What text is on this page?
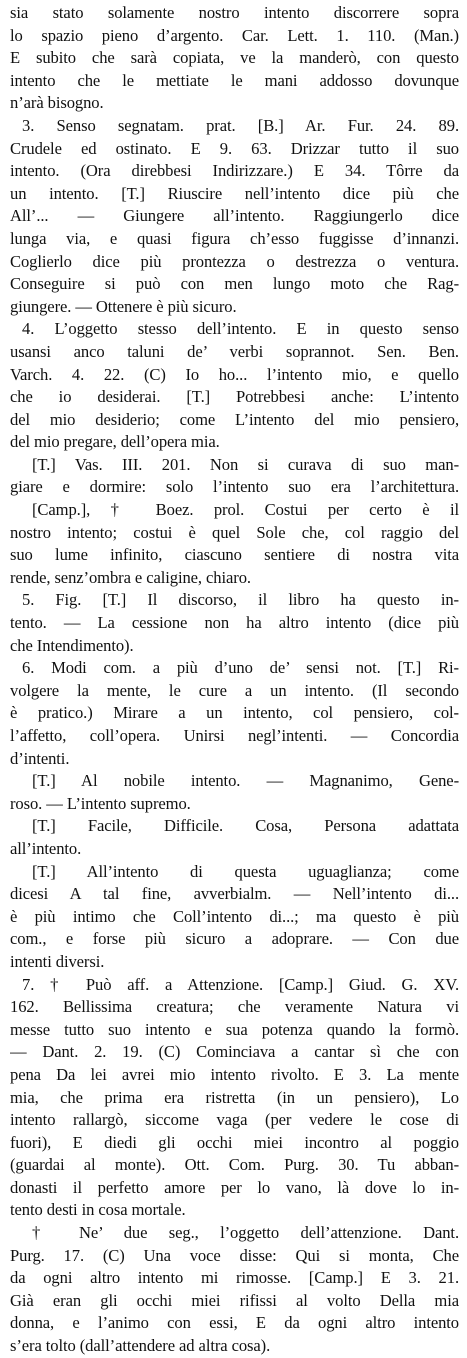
sia stato solamente nostro intento discorrere sopra
lo spazio pieno d’argento. Car. Lett. 1. 110. (Man.)
E subito che sarà copiata, ve la manderò, con questo
intento che le mettiate le mani addosso dovunque
n’arà bisogno.
3. Senso segnatam. prat. [B.] Ar. Fur. 24. 89.
Crudele ed ostinato. E 9. 63. Drizzar tutto il suo
intento. (Ora direbbesi Indirizzare.) E 34. Tôrre da
un intento. [T.] Riuscire nell’intento dice più che
All’... — Giungere all’intento. Raggiungerlo dice
lunga via, e quasi figura ch’esso fuggisse d’innanzi.
Coglierlo dice più prontezza o destrezza o ventura.
Conseguire si può con men lungo moto che Rag-
giungere. — Ottenere è più sicuro.
4. L’oggetto stesso dell’intento. E in questo senso
usansi anco taluni de’ verbi soprannot. Sen. Ben.
Varch. 4. 22. (C) Io ho... l’intento mio, e quello
che io desiderai. [T.] Potrebbesi anche: L’intento
del mio desiderio; come L’intento del mio pensiero,
del mio pregare, dell’opera mia.
[T.] Vas. III. 201. Non si curava di suo man-
giare e dormire: solo l’intento suo era l’architettura.
[Camp.], † Boez. prol. Costui per certo è il
nostro intento; costui è quel Sole che, col raggio del
suo lume infinito, ciascuno sentiere di nostra vita
rende, senz’ombra e caligine, chiaro.
5. Fig. [T.] Il discorso, il libro ha questo in-
tento. — La cessione non ha altro intento (dice più
che Intendimento).
6. Modi com. a più d’uno de’ sensi not. [T.] Ri-
volgere la mente, le cure a un intento. (Il secondo
è pratico.) Mirare a un intento, col pensiero, col-
l’affetto, coll’opera. Unirsi negl’intenti. — Concordia
d’intenti.
[T.] Al nobile intento. — Magnanimo, Gene-
roso. — L’intento supremo.
[T.] Facile, Difficile. Cosa, Persona adattata
all’intento.
[T.] All’intento di questa uguaglianza; come
dicesi A tal fine, avverbialm. — Nell’intento di...
è più intimo che Coll’intento di...; ma questo è più
com., e forse più sicuro a adoprare. — Con due
intenti diversi.
7. † Può aff. a Attenzione. [Camp.] Giud. G. XV.
162. Bellissima creatura; che veramente Natura vi
messe tutto suo intento e sua potenza quando la formò.
— Dant. 2. 19. (C) Cominciava a cantar sì che con
pena Da lei avrei mio intento rivolto. E 3. La mente
mia, che prima era ristretta (in un pensiero), Lo
intento rallargò, siccome vaga (per vedere le cose di
fuori), E diedi gli occhi miei incontro al poggio
(guardai al monte). Ott. Com. Purg. 30. Tu abban-
donasti il perfetto amore per lo vano, là dove lo in-
tento desti in cosa mortale.
† Ne’ due seg., l’oggetto dell’attenzione. Dant.
Purg. 17. (C) Una voce disse: Qui si monta, Che
da ogni altro intento mi rimosse. [Camp.] E 3. 21.
Già eran gli occhi miei rifissi al volto Della mia
donna, e l’animo con essi, E da ogni altro intento
s’era tolto (dall’attendere ad altra cosa).
